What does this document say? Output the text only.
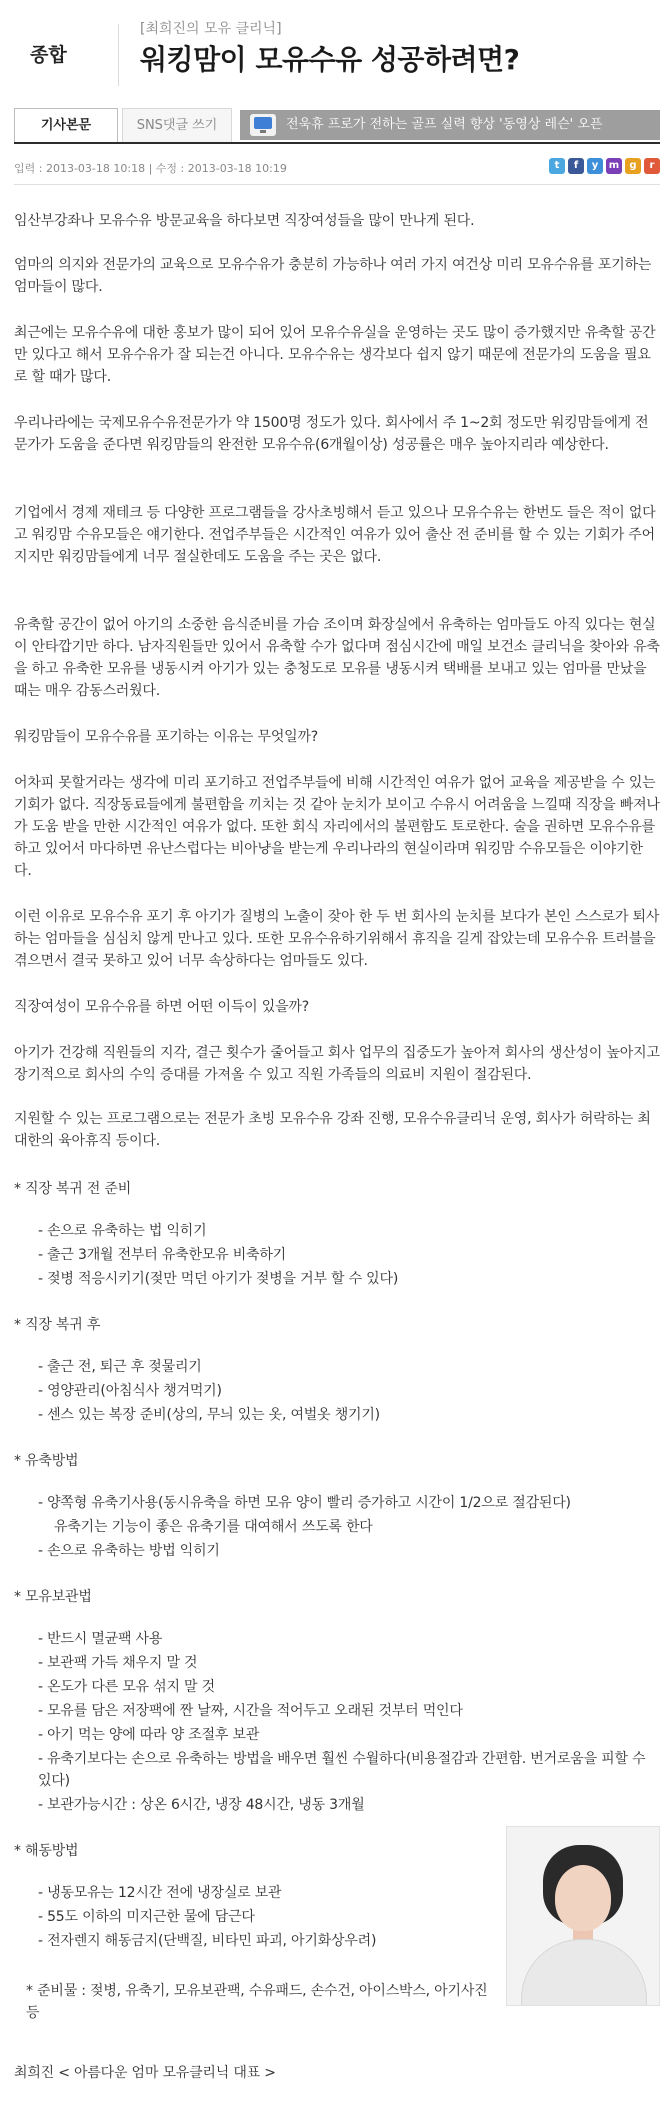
종합
[최희진의 모유 클리닉]
워킹맘이 모유수유 성공하려면?
기사본문	SNS댓글 쓰기	전욱휴 프로가 전하는 골프 실력 향상 '동영상 레슨' 오픈
입력 : 2013-03-18 10:18 | 수정 : 2013-03-18 10:19	t	f	y	m	g	r

임산부강좌나 모유수유 방문교육을 하다보면 직장여성들을 많이 만나게 된다.

엄마의 의지와 전문가의 교육으로 모유수유가 충분히 가능하나 여러 가지 여건상 미리 모유수유를 포기하는 엄마들이 많다.

최근에는 모유수유에 대한 홍보가 많이 되어 있어 모유수유실을 운영하는 곳도 많이 증가했지만 유축할 공간만 있다고 해서 모유수유가 잘 되는건 아니다. 모유수유는 생각보다 쉽지 않기 때문에 전문가의 도움을 필요로 할 때가 많다.

우리나라에는 국제모유수유전문가가 약 1500명 정도가 있다. 회사에서 주 1~2회 정도만 워킹맘들에게 전문가가 도움을 준다면 워킹맘들의 완전한 모유수유(6개월이상) 성공률은 매우 높아지리라 예상한다.

기업에서 경제 재테크 등 다양한 프로그램들을 강사초빙해서 듣고 있으나 모유수유는 한번도 들은 적이 없다고 워킹맘 수유모들은 얘기한다. 전업주부들은 시간적인 여유가 있어 출산 전 준비를 할 수 있는 기회가 주어지지만 워킹맘들에게 너무 절실한데도 도움을 주는 곳은 없다.

유축할 공간이 없어 아기의 소중한 음식준비를 가슴 조이며 화장실에서 유축하는 엄마들도 아직 있다는 현실이 안타깝기만 하다. 남자직원들만 있어서 유축할 수가 없다며 점심시간에 매일 보건소 클리닉을 찾아와 유축을 하고 유축한 모유를 냉동시켜 아기가 있는 충청도로 모유를 냉동시켜 택배를 보내고 있는 엄마를 만났을 때는 매우 감동스러웠다.

워킹맘들이 모유수유를 포기하는 이유는 무엇일까?

어차피 못할거라는 생각에 미리 포기하고 전업주부들에 비해 시간적인 여유가 없어 교육을 제공받을 수 있는 기회가 없다. 직장동료들에게 불편함을 끼치는 것 같아 눈치가 보이고 수유시 어려움을 느낄때 직장을 빠져나가 도움 받을 만한 시간적인 여유가 없다. 또한 회식 자리에서의 불편함도 토로한다. 술을 권하면 모유수유를 하고 있어서 마다하면 유난스럽다는 비아냥을 받는게 우리나라의 현실이라며 워킹맘 수유모들은 이야기한다.

이런 이유로 모유수유 포기 후 아기가 질병의 노출이 잦아 한 두 번 회사의 눈치를 보다가 본인 스스로가 퇴사하는 엄마들을 심심치 않게 만나고 있다. 또한 모유수유하기위해서 휴직을 길게 잡았는데 모유수유 트러블을 겪으면서 결국 못하고 있어 너무 속상하다는 엄마들도 있다.

직장여성이 모유수유를 하면 어떤 이득이 있을까?

아기가 건강해 직원들의 지각, 결근 횟수가 줄어들고 회사 업무의 집중도가 높아져 회사의 생산성이 높아지고 장기적으로 회사의 수익 증대를 가져올 수 있고 직원 가족들의 의료비 지원이 절감된다.

지원할 수 있는 프로그램으로는 전문가 초빙 모유수유 강좌 진행, 모유수유클리닉 운영, 회사가 허락하는 최대한의 육아휴직 등이다.

* 직장 복귀 전 준비

- 손으로 유축하는 법 익히기

- 출근 3개월 전부터 유축한모유 비축하기

- 젖병 적응시키기(젖만 먹던 아기가 젖병을 거부 할 수 있다)

* 직장 복귀 후

- 출근 전, 퇴근 후 젖물리기

- 영양관리(아침식사 챙겨먹기)

- 센스 있는 복장 준비(상의, 무늬 있는 옷, 여벌옷 챙기기)

* 유축방법

- 양쪽형 유축기사용(동시유축을 하면 모유 양이 빨리 증가하고 시간이 1/2으로 절감된다)

유축기는 기능이 좋은 유축기를 대여해서 쓰도록 한다

- 손으로 유축하는 방법 익히기

* 모유보관법

- 반드시 멸균팩 사용

- 보관팩 가득 채우지 말 것

- 온도가 다른 모유 섞지 말 것

- 모유를 담은 저장팩에 짠 날짜, 시간을 적어두고 오래된 것부터 먹인다

- 아기 먹는 양에 따라 양 조절후 보관

- 유축기보다는 손으로 유축하는 방법을 배우면 훨씬 수월하다(비용절감과 간편함. 번거로움을 피할 수 있다)

- 보관가능시간 : 상온 6시간, 냉장 48시간, 냉동 3개월

* 해동방법

- 냉동모유는 12시간 전에 냉장실로 보관

- 55도 이하의 미지근한 물에 담근다

- 전자렌지 해동금지(단백질, 비타민 파괴, 아기화상우려)

* 준비물 : 젖병, 유축기, 모유보관팩, 수유패드, 손수건, 아이스박스, 아기사진 등

최희진 < 아름다운 엄마 모유클리닉 대표 >
